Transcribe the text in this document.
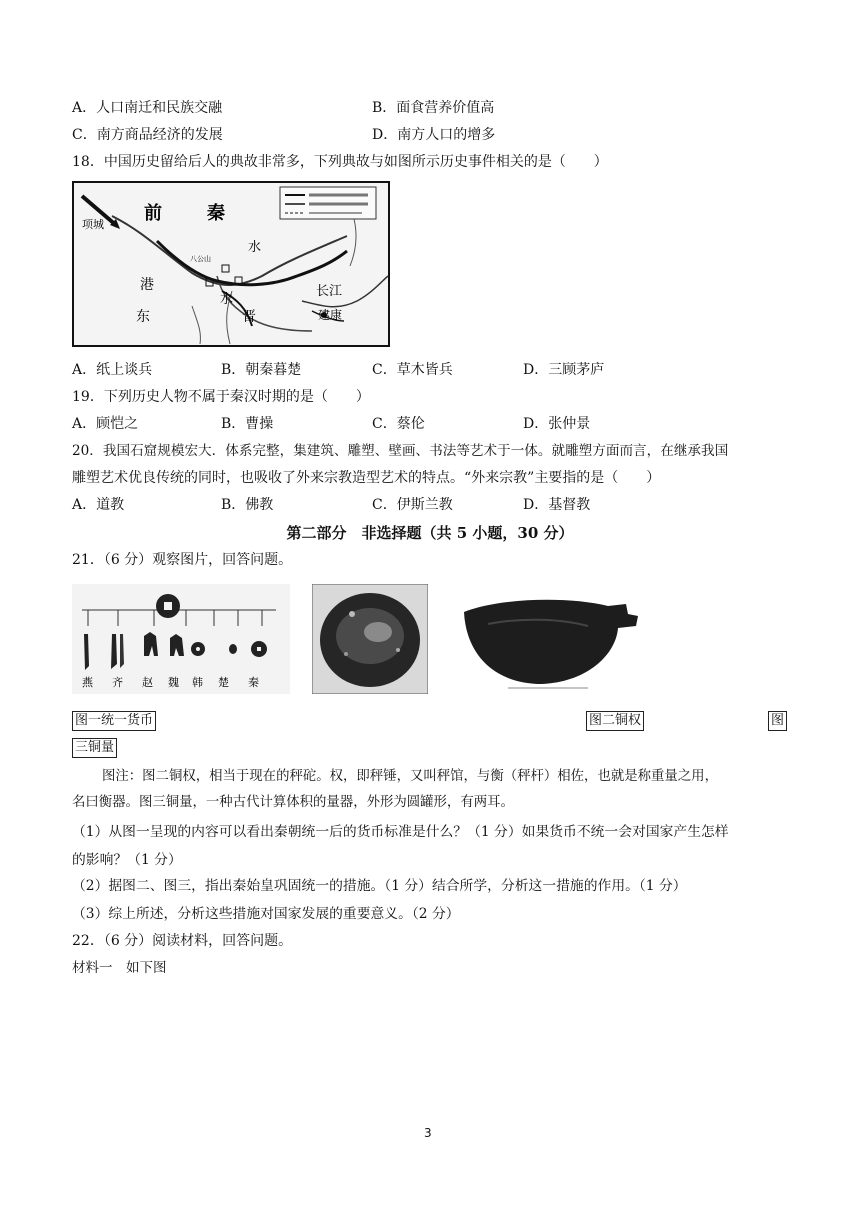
A．人口南迁和民族交融	B．面食营养价值高
C．南方商品经济的发展	D．南方人口的增多
18．中国历史留给后人的典故非常多，下列典故与如图所示历史事件相关的是（　　）
前	秦
项城
水
八公山
港
水
东	晋
长江
建康
A．纸上谈兵	B．朝秦暮楚	C．草木皆兵	D．三顾茅庐
19．下列历史人物不属于秦汉时期的是（　　）
A．顾恺之	B．曹操	C．蔡伦	D．张仲景
20．我国石窟规模宏大．体系完整，集建筑、雕塑、壁画、书法等艺术于一体。就雕塑方面而言，在继承我国
雕塑艺术优良传统的同时，也吸收了外来宗教造型艺术的特点。“外来宗教”主要指的是（　　）
A．道教	B．佛教	C．伊斯兰教	D．基督教
第二部分　非选择题（共 5 小题，30 分）
21．（6 分）观察图片，回答问题。
燕 齐 赵 魏 韩 楚 秦
图一统一货币	图二铜权	图
三铜量
图注：图二铜权，相当于现在的秤砣。权，即秤锤，又叫秤馆，与衡（秤杆）相佐，也就是称重量之用，
名曰衡器。图三铜量，一种古代计算体积的量器，外形为圆罐形，有两耳。
（1）从图一呈现的内容可以看出秦朝统一后的货币标准是什么？（1 分）如果货币不统一会对国家产生怎样
的影响？（1 分）
（2）据图二、图三，指出秦始皇巩固统一的措施。（1 分）结合所学，分析这一措施的作用。（1 分）
（3）综上所述，分析这些措施对国家发展的重要意义。（2 分）
22．（6 分）阅读材料，回答问题。
材料一　如下图
3
